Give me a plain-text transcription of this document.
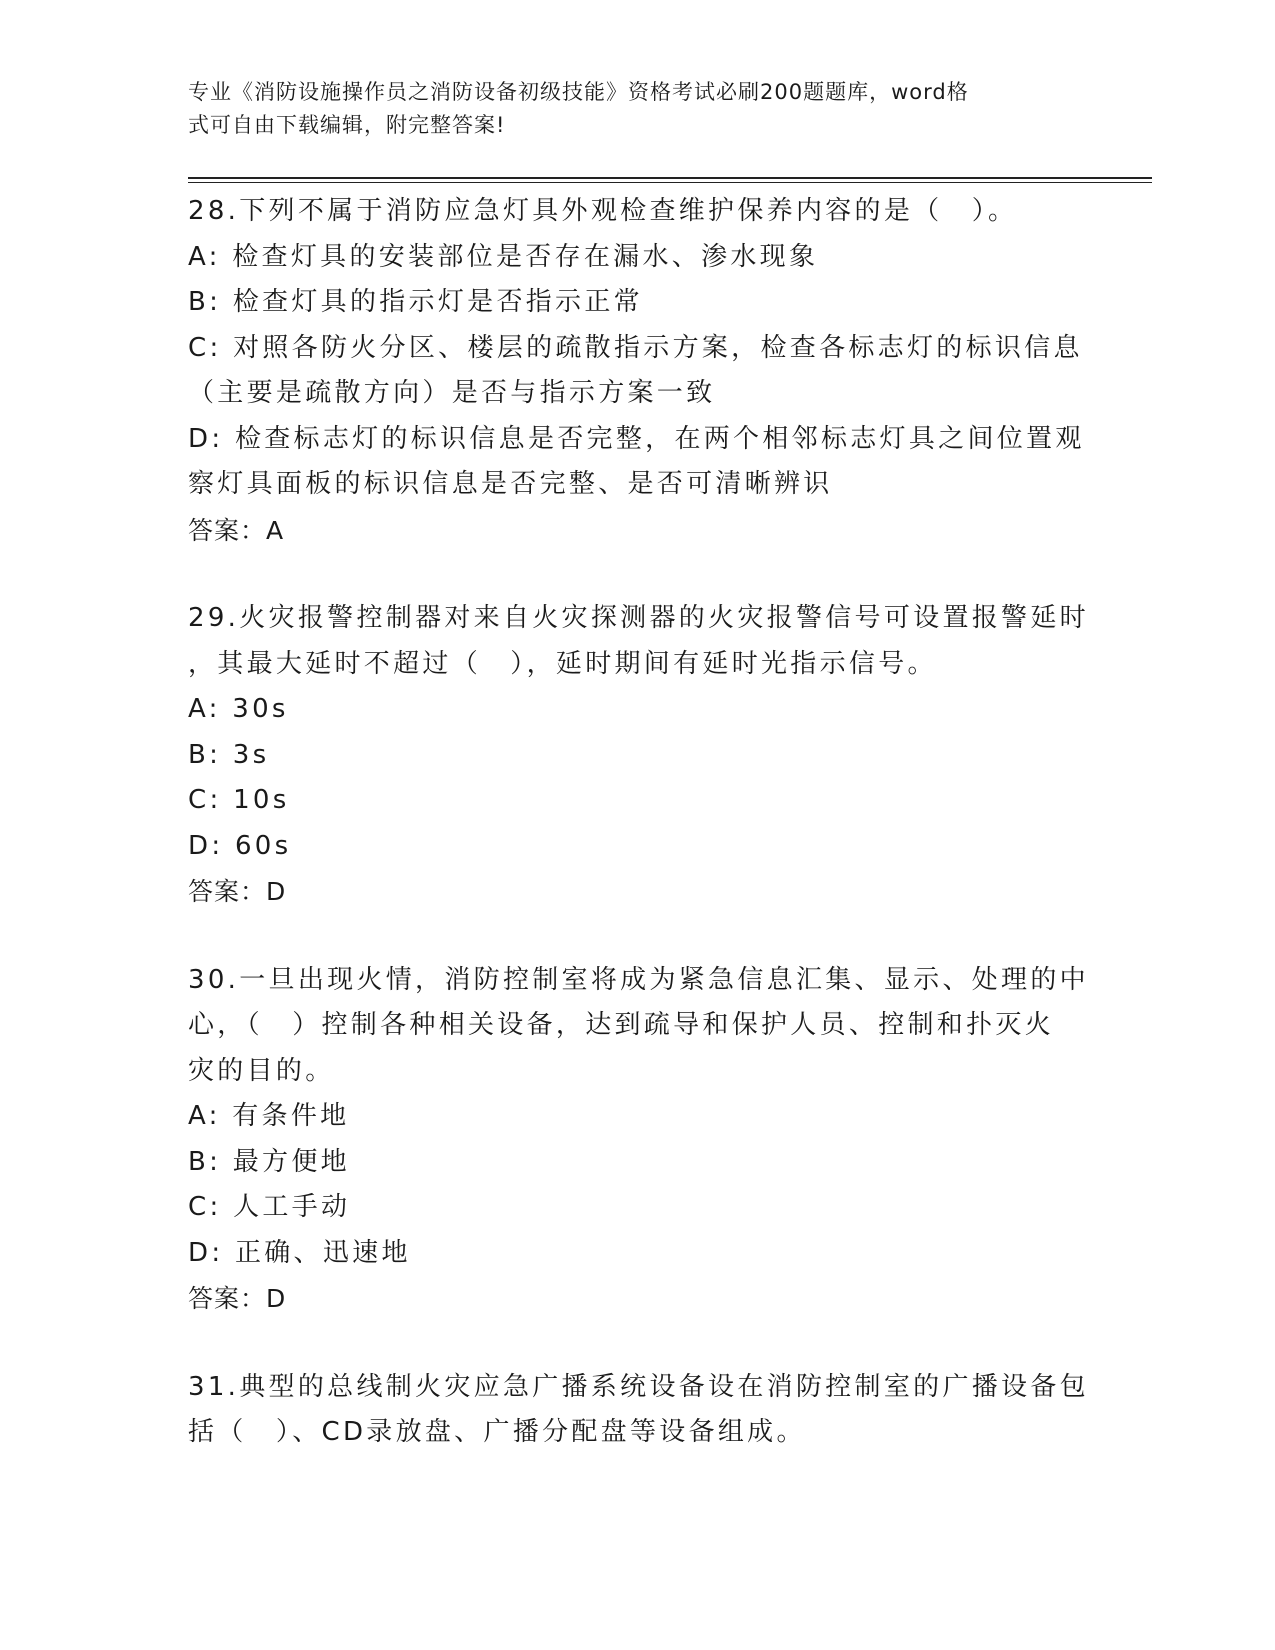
专业《消防设施操作员之消防设备初级技能》资格考试必刷200题题库，word格
式可自由下载编辑，附完整答案!
28.下列不属于消防应急灯具外观检查维护保养内容的是（　）。
A: 检查灯具的安装部位是否存在漏水、渗水现象
B: 检查灯具的指示灯是否指示正常
C: 对照各防火分区、楼层的疏散指示方案，检查各标志灯的标识信息
（主要是疏散方向）是否与指示方案一致
D: 检查标志灯的标识信息是否完整，在两个相邻标志灯具之间位置观
察灯具面板的标识信息是否完整、是否可清晰辨识
答案：A
29.火灾报警控制器对来自火灾探测器的火灾报警信号可设置报警延时
，其最大延时不超过（　），延时期间有延时光指示信号。
A: 30s
B: 3s
C: 10s
D: 60s
答案：D
30.一旦出现火情，消防控制室将成为紧急信息汇集、显示、处理的中
心，（　）控制各种相关设备，达到疏导和保护人员、控制和扑灭火
灾的目的。
A: 有条件地
B: 最方便地
C: 人工手动
D: 正确、迅速地
答案：D
31.典型的总线制火灾应急广播系统设备设在消防控制室的广播设备包
括（　）、CD录放盘、广播分配盘等设备组成。
